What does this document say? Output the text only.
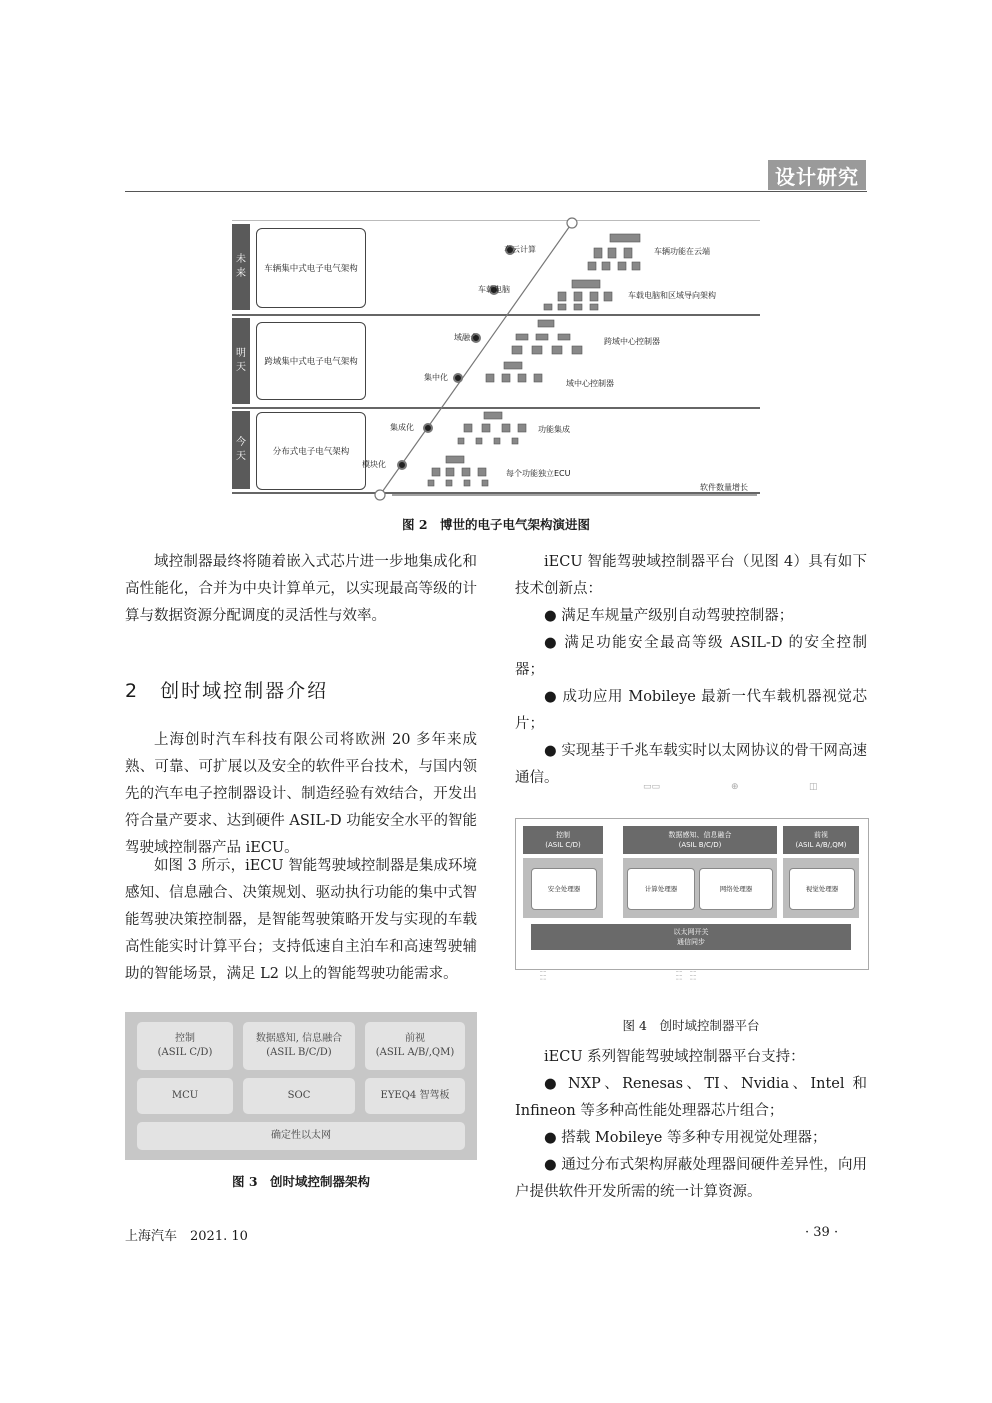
设计研究
未
来
明
天
今
天
车辆集中式电子电气架构
跨域集中式电子电气架构
分布式电子电气架构
车云计算
车载电脑
域融合
集中化
集成化
模块化
车辆功能在云端
车载电脑和区域导向架构
跨域中心控制器
域中心控制器
功能集成
每个功能独立ECU
软件数量增长
图 2　博世的电子电气架构演进图

域控制器最终将随着嵌入式芯片进一步地集成化和高性能化，合并为中央计算单元，以实现最高等级的计算与数据资源分配调度的灵活性与效率。

2　创时域控制器介绍

上海创时汽车科技有限公司将欧洲 20 多年来成熟、可靠、可扩展以及安全的软件平台技术，与国内领先的汽车电子控制器设计、制造经验有效结合，开发出符合量产要求、达到硬件 ASIL-D 功能安全水平的智能驾驶域控制器产品 iECU。

如图 3 所示，iECU 智能驾驶域控制器是集成环境感知、信息融合、决策规划、驱动执行功能的集中式智能驾驶决策控制器，是智能驾驶策略开发与实现的车载高性能实时计算平台；支持低速自主泊车和高速驾驶辅助的智能场景，满足 L2 以上的智能驾驶功能需求。

控制
(ASIL C/D)
数据感知, 信息融合
(ASIL B/C/D)
前视
(ASIL A/B/,QM)
MCU	SOC	EYEQ4 智驾板
确定性以太网
图 3　创时域控制器架构

iECU 智能驾驶域控制器平台（见图 4）具有如下技术创新点：

● 满足车规量产级别自动驾驶控制器；

● 满足功能安全最高等级 ASIL-D 的安全控制器；

● 成功应用 Mobileye 最新一代车载机器视觉芯片；

● 实现基于千兆车载实时以太网协议的骨干网高速通信。

▭▭	⊕	◫
控制
(ASIL C/D)
数据感知、信息融合
(ASIL B/C/D)
前视
(ASIL A/B/,QM)
安全处理器	计算处理器	网络处理器	视觉处理器
以太网开关
通信同步
╎╎╎	╎╎╎ ╎╎╎
图 4　创时域控制器平台

iECU 系列智能驾驶域控制器平台支持：

● NXP、Renesas、TI、Nvidia、Intel 和 Infineon 等多种高性能处理器芯片组合；

● 搭载 Mobileye 等多种专用视觉处理器；

● 通过分布式架构屏蔽处理器间硬件差异性，向用户提供软件开发所需的统一计算资源。

上海汽车　2021. 10	· 39 ·
